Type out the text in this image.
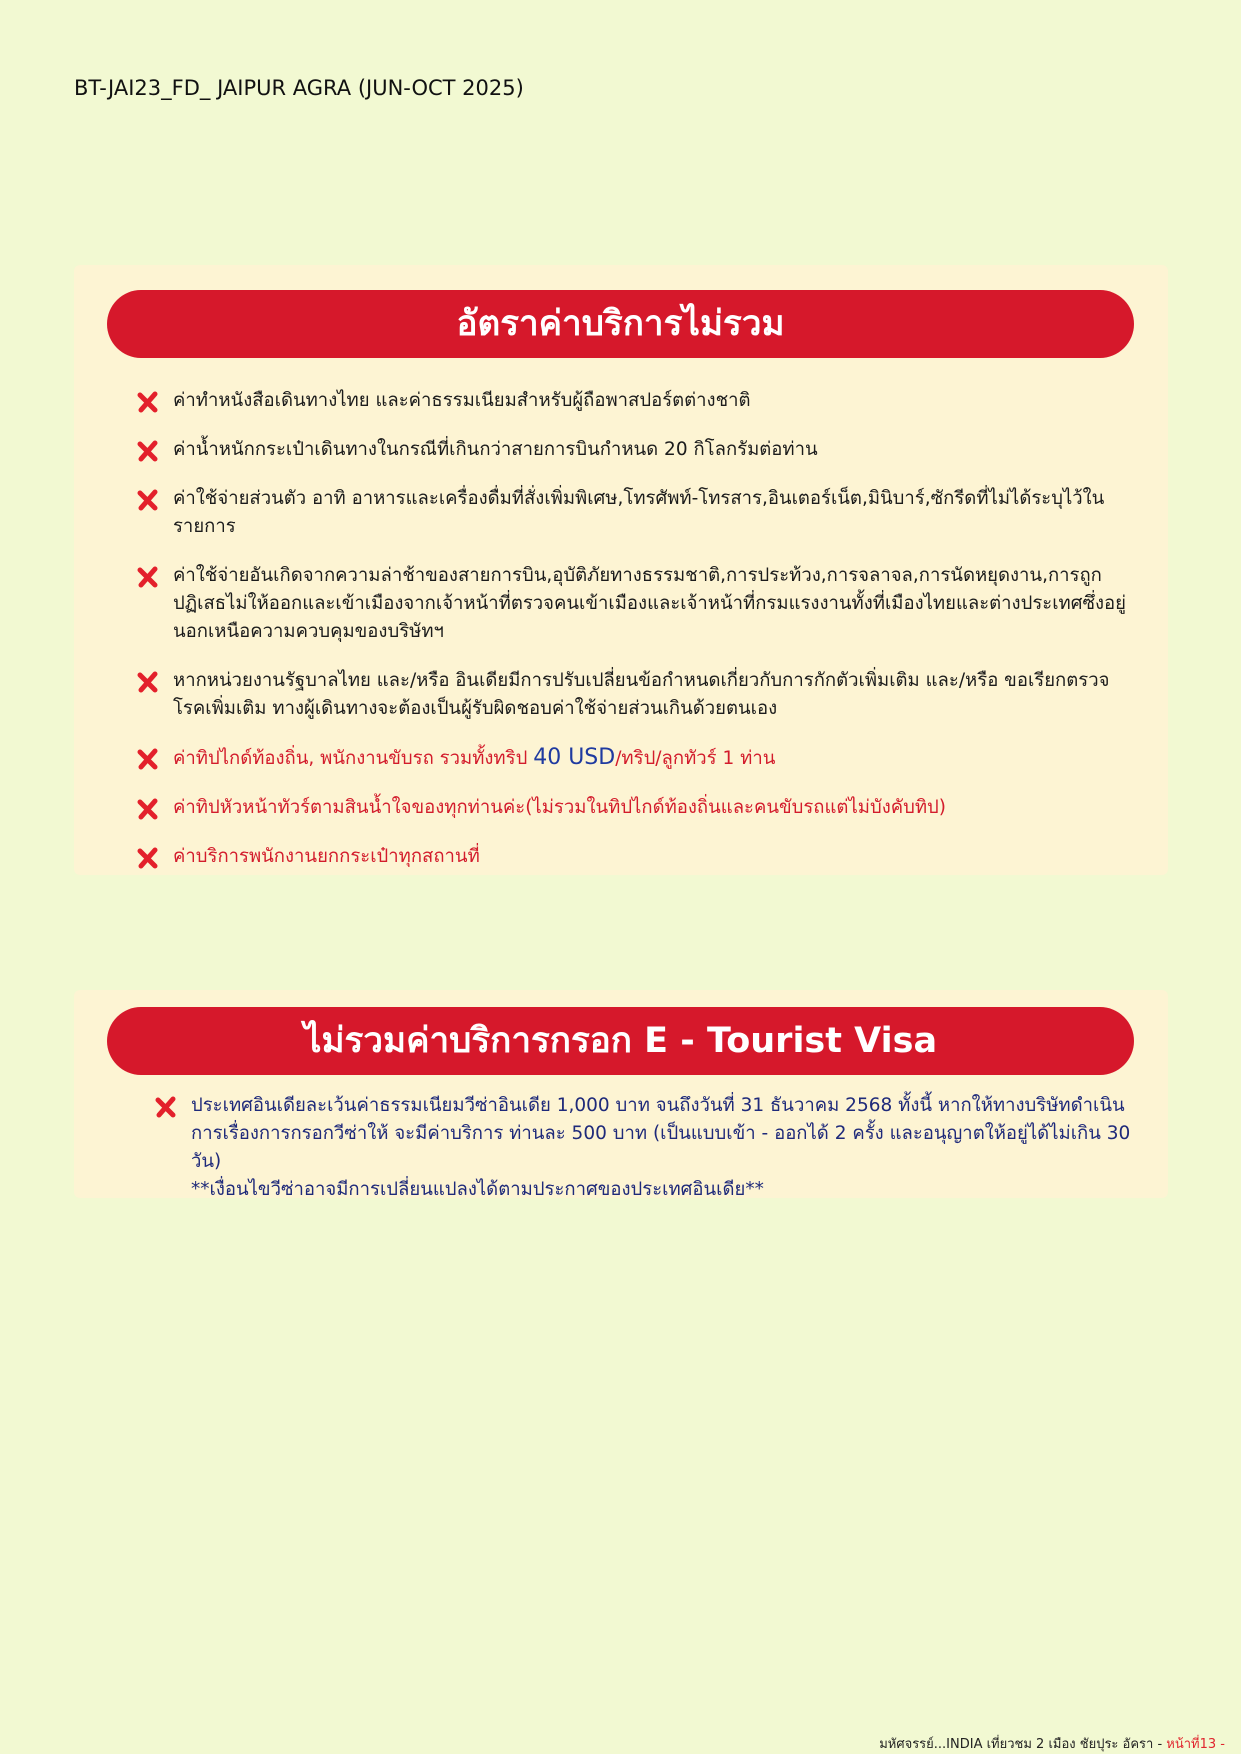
BT-JAI23_FD_ JAIPUR AGRA (JUN-OCT 2025)
อัตราค่าบริการไม่รวม
ค่าทำหนังสือเดินทางไทย และค่าธรรมเนียมสำหรับผู้ถือพาสปอร์ตต่างชาติ
ค่าน้ำหนักกระเป๋าเดินทางในกรณีที่เกินกว่าสายการบินกำหนด 20 กิโลกรัมต่อท่าน
ค่าใช้จ่ายส่วนตัว อาทิ อาหารและเครื่องดื่มที่สั่งเพิ่มพิเศษ,โทรศัพท์-โทรสาร,อินเตอร์เน็ต,มินิบาร์,ซักรีดที่ไม่ได้ระบุไว้ในรายการ
ค่าใช้จ่ายอันเกิดจากความล่าช้าของสายการบิน,อุบัติภัยทางธรรมชาติ,การประท้วง,การจลาจล,การนัดหยุดงาน,การถูกปฏิเสธไม่ให้ออกและเข้าเมืองจากเจ้าหน้าที่ตรวจคนเข้าเมืองและเจ้าหน้าที่กรมแรงงานทั้งที่เมืองไทยและต่างประเทศซึ่งอยู่นอกเหนือความควบคุมของบริษัทฯ
หากหน่วยงานรัฐบาลไทย และ/หรือ อินเดียมีการปรับเปลี่ยนข้อกำหนดเกี่ยวกับการกักตัวเพิ่มเติม และ/หรือ ขอเรียกตรวจโรคเพิ่มเติม ทางผู้เดินทางจะต้องเป็นผู้รับผิดชอบค่าใช้จ่ายส่วนเกินด้วยตนเอง
ค่าทิปไกด์ท้องถิ่น, พนักงานขับรถ รวมทั้งทริป 40 USD/ทริป/ลูกทัวร์ 1 ท่าน
ค่าทิปหัวหน้าทัวร์ตามสินน้ำใจของทุกท่านค่ะ(ไม่รวมในทิปไกด์ท้องถิ่นและคนขับรถแต่ไม่บังคับทิป)
ค่าบริการพนักงานยกกระเป๋าทุกสถานที่
ไม่รวมค่าบริการกรอก E - Tourist Visa
ประเทศอินเดียละเว้นค่าธรรมเนียมวีซ่าอินเดีย 1,000 บาท จนถึงวันที่ 31 ธันวาคม 2568 ทั้งนี้ หากให้ทางบริษัทดำเนินการเรื่องการกรอกวีซ่าให้ จะมีค่าบริการ ท่านละ 500 บาท (เป็นแบบเข้า - ออกได้ 2 ครั้ง และอนุญาตให้อยู่ได้ไม่เกิน 30 วัน)
**เงื่อนไขวีซ่าอาจมีการเปลี่ยนแปลงได้ตามประกาศของประเทศอินเดีย**
มหัศจรรย์...INDIA เที่ยวชม 2 เมือง ชัยปุระ อัครา - หน้าที่13 -
